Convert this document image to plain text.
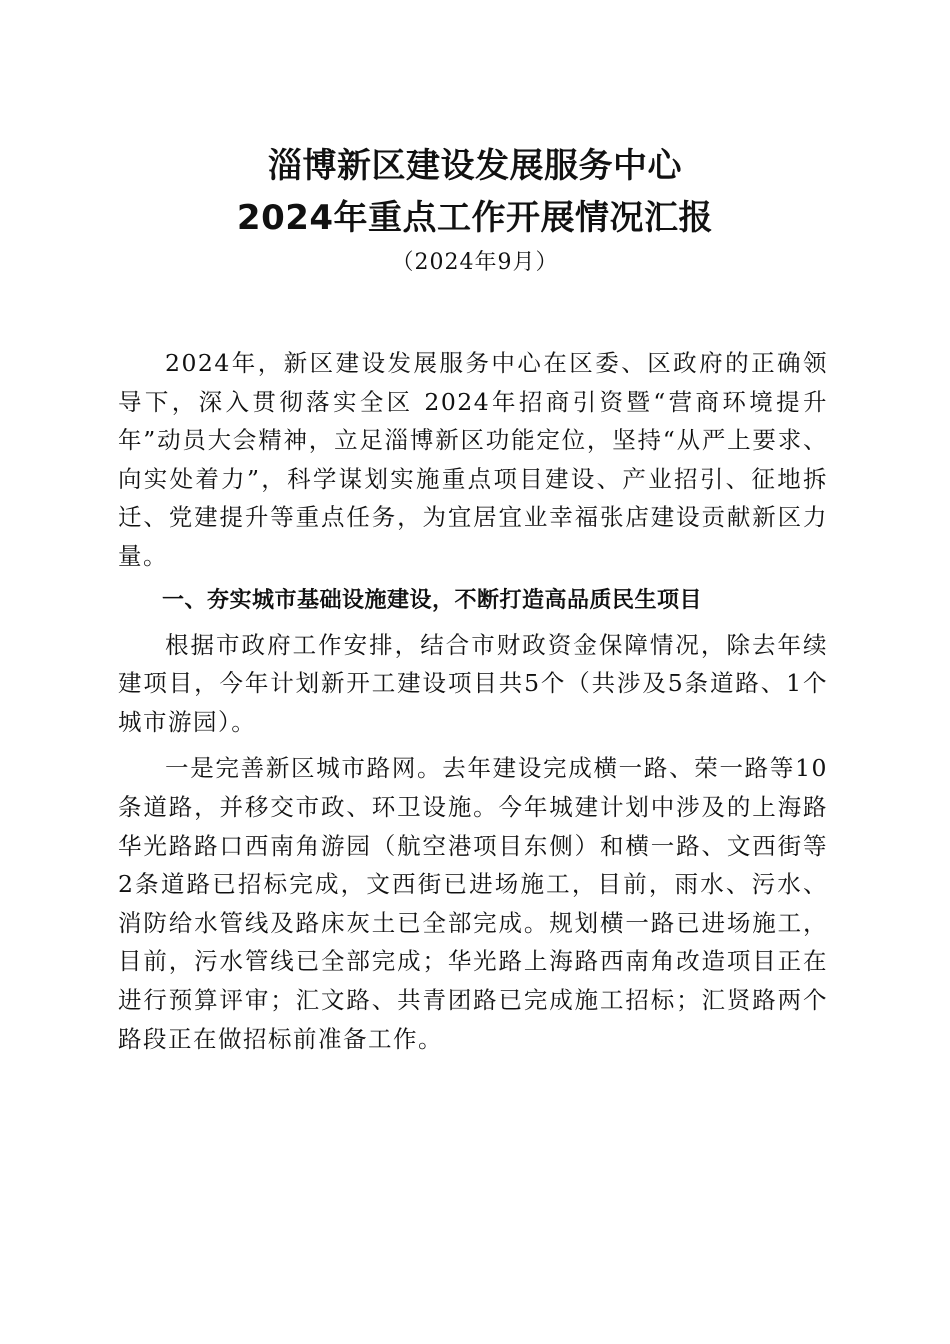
淄博新区建设发展服务中心
2024年重点工作开展情况汇报
（2024年9月）

2024年，新区建设发展服务中心在区委、区政府的正确领导下，深入贯彻落实全区 2024年招商引资暨“营商环境提升年”动员大会精神，立足淄博新区功能定位，坚持“从严上要求、向实处着力”，科学谋划实施重点项目建设、产业招引、征地拆迁、党建提升等重点任务，为宜居宜业幸福张店建设贡献新区力量。

一、夯实城市基础设施建设，不断打造高品质民生项目

根据市政府工作安排，结合市财政资金保障情况，除去年续建项目，今年计划新开工建设项目共5个（共涉及5条道路、1个城市游园）。

一是完善新区城市路网。去年建设完成横一路、荣一路等10条道路，并移交市政、环卫设施。今年城建计划中涉及的上海路华光路路口西南角游园（航空港项目东侧）和横一路、文西街等2条道路已招标完成，文西街已进场施工，目前，雨水、污水、消防给水管线及路床灰土已全部完成。规划横一路已进场施工，目前，污水管线已全部完成；华光路上海路西南角改造项目正在进行预算评审；汇文路、共青团路已完成施工招标；汇贤路两个路段正在做招标前准备工作。
